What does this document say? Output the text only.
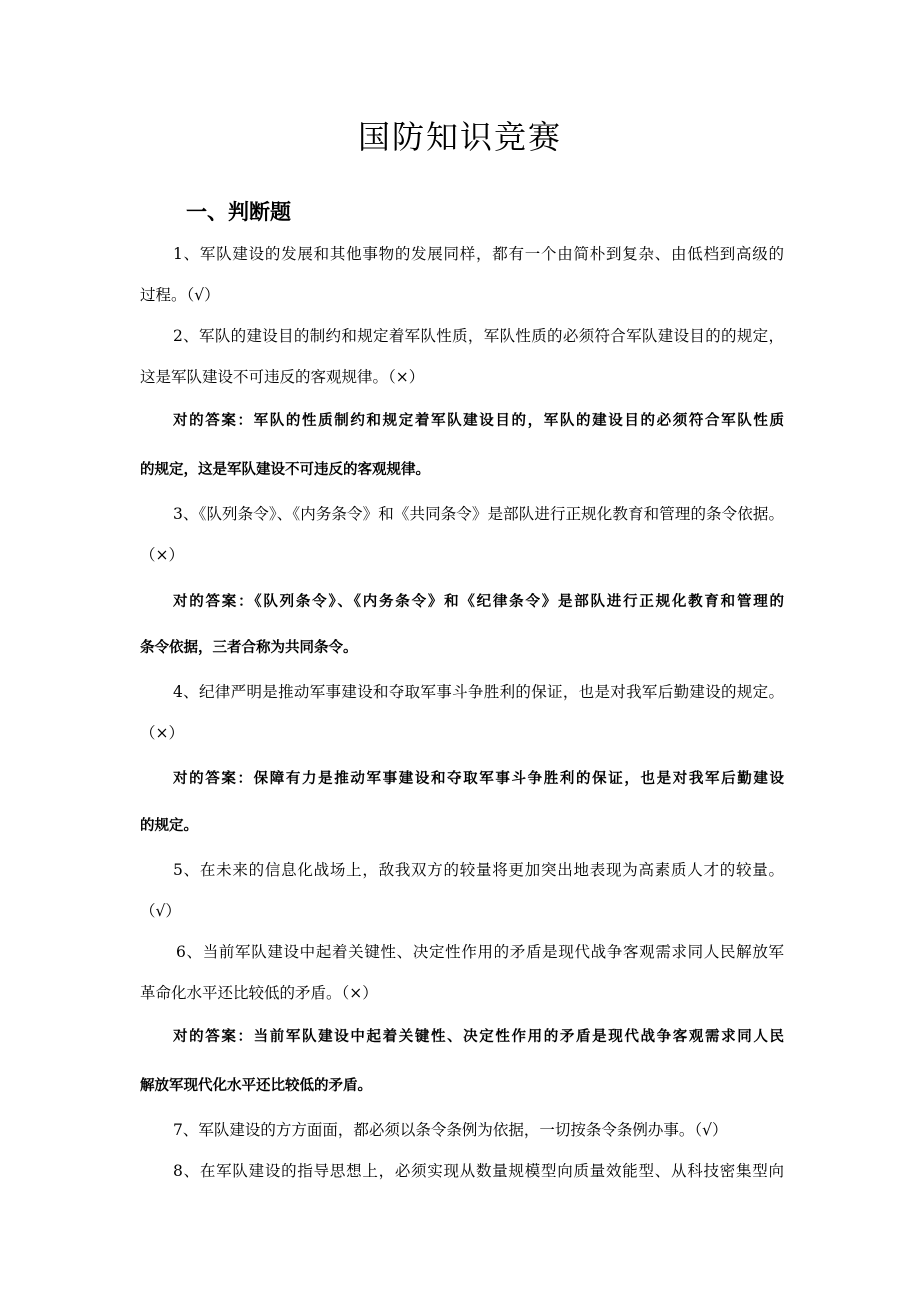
国防知识竞赛
一、判断题
1、军队建设的发展和其他事物的发展同样，都有一个由简朴到复杂、由低档到高级的
过程。（√）
2、军队的建设目的制约和规定着军队性质，军队性质的必须符合军队建设目的的规定，
这是军队建设不可违反的客观规律。（×）
对的答案：军队的性质制约和规定着军队建设目的，军队的建设目的必须符合军队性质
的规定，这是军队建设不可违反的客观规律。
3、《队列条令》、《内务条令》和《共同条令》是部队进行正规化教育和管理的条令依据。
（×）
对的答案：《队列条令》、《内务条令》和《纪律条令》是部队进行正规化教育和管理的
条令依据，三者合称为共同条令。
4、纪律严明是推动军事建设和夺取军事斗争胜利的保证，也是对我军后勤建设的规定。
（×）
对的答案：保障有力是推动军事建设和夺取军事斗争胜利的保证，也是对我军后勤建设
的规定。
5、在未来的信息化战场上，敌我双方的较量将更加突出地表现为高素质人才的较量。
（√）
6、当前军队建设中起着关键性、决定性作用的矛盾是现代战争客观需求同人民解放军
革命化水平还比较低的矛盾。（×）
对的答案：当前军队建设中起着关键性、决定性作用的矛盾是现代战争客观需求同人民
解放军现代化水平还比较低的矛盾。
7、军队建设的方方面面，都必须以条令条例为依据，一切按条令条例办事。（√）
8、在军队建设的指导思想上，必须实现从数量规模型向质量效能型、从科技密集型向
